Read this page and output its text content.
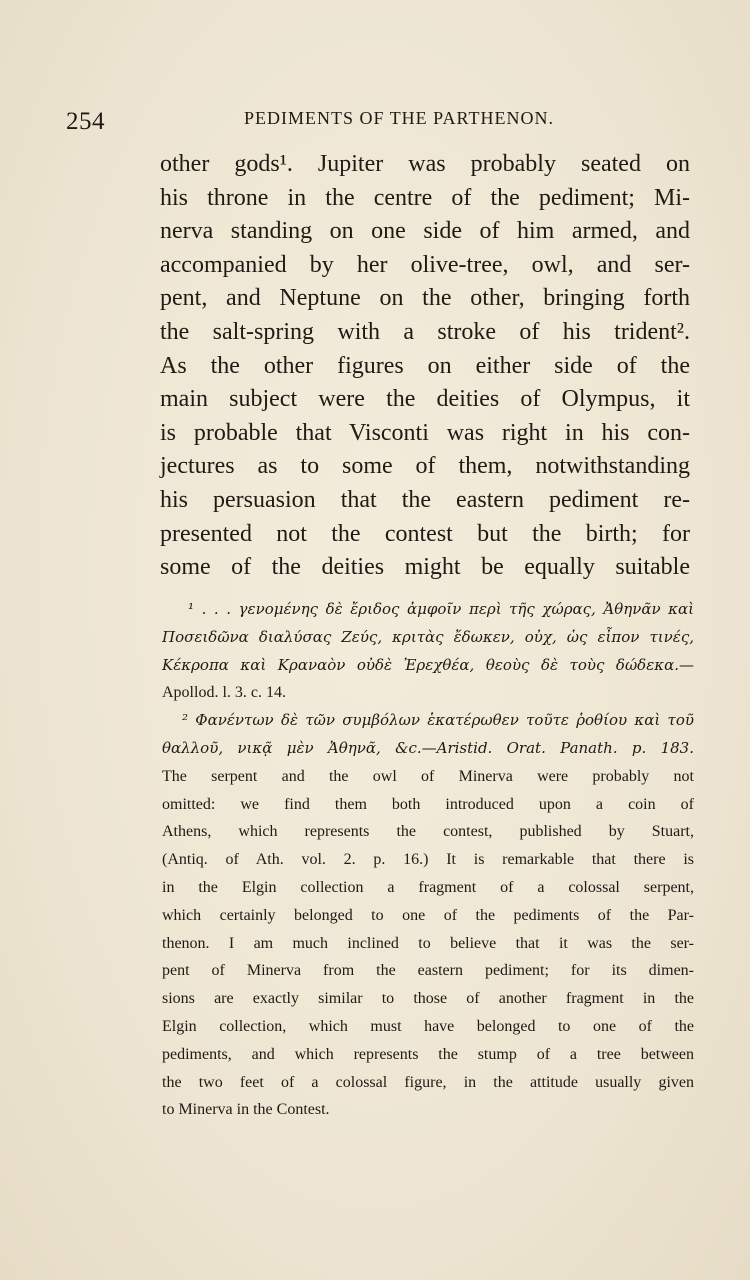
254	PEDIMENTS OF THE PARTHENON.
other gods¹. Jupiter was probably seated on
his throne in the centre of the pediment; Mi-
nerva standing on one side of him armed, and
accompanied by her olive-tree, owl, and ser-
pent, and Neptune on the other, bringing forth
the salt-spring with a stroke of his trident².
As the other figures on either side of the
main subject were the deities of Olympus, it
is probable that Visconti was right in his con-
jectures as to some of them, notwithstanding
his persuasion that the eastern pediment re-
presented not the contest but the birth; for
some of the deities might be equally suitable
¹ . . . γενομένης δὲ ἔριδος ἀμφοῖν περὶ τῆς χώρας, Ἀθηνᾶν καὶ
Ποσειδῶνα διαλύσας Ζεύς, κριτὰς ἔδωκεν, οὐχ, ὡς εἶπον τινές,
Κέκροπα καὶ Κραναὸν οὐδὲ Ἐρεχθέα, θεοὺς δὲ τοὺς δώδεκα.—
Apollod. l. 3. c. 14.
² Φανέντων δὲ τῶν συμβόλων ἑκατέρωθεν τοῦτε ῥοθίου καὶ τοῦ
θαλλοῦ, νικᾷ μὲν Ἀθηνᾶ, &c.—Aristid. Orat. Panath. p. 183.
The serpent and the owl of Minerva were probably not
omitted: we find them both introduced upon a coin of
Athens, which represents the contest, published by Stuart,
(Antiq. of Ath. vol. 2. p. 16.) It is remarkable that there is
in the Elgin collection a fragment of a colossal serpent,
which certainly belonged to one of the pediments of the Par-
thenon. I am much inclined to believe that it was the ser-
pent of Minerva from the eastern pediment; for its dimen-
sions are exactly similar to those of another fragment in the
Elgin collection, which must have belonged to one of the
pediments, and which represents the stump of a tree between
the two feet of a colossal figure, in the attitude usually given
to Minerva in the Contest.
